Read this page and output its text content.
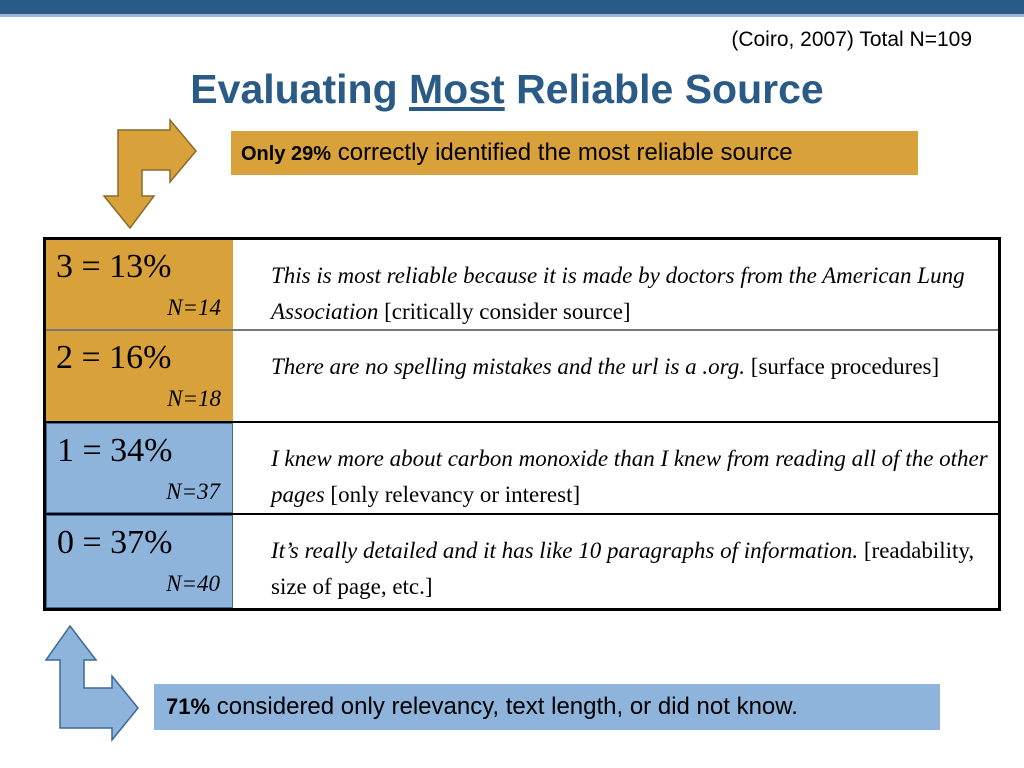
(Coiro, 2007) Total N=109
Evaluating Most Reliable Source
Only 29% correctly identified the most reliable source
3 = 13%
N=14
This is most reliable because it is made by doctors from the American Lung Association [critically consider source]
2 = 16%
N=18
There are no spelling mistakes and the url is a .org. [surface procedures]
1 = 34%
N=37
I knew more about carbon monoxide than I knew from reading all of the other pages [only relevancy or interest]
0 = 37%
N=40
It’s really detailed and it has like 10 paragraphs of information. [readability, size of page, etc.]
71% considered only relevancy, text length, or did not know.
